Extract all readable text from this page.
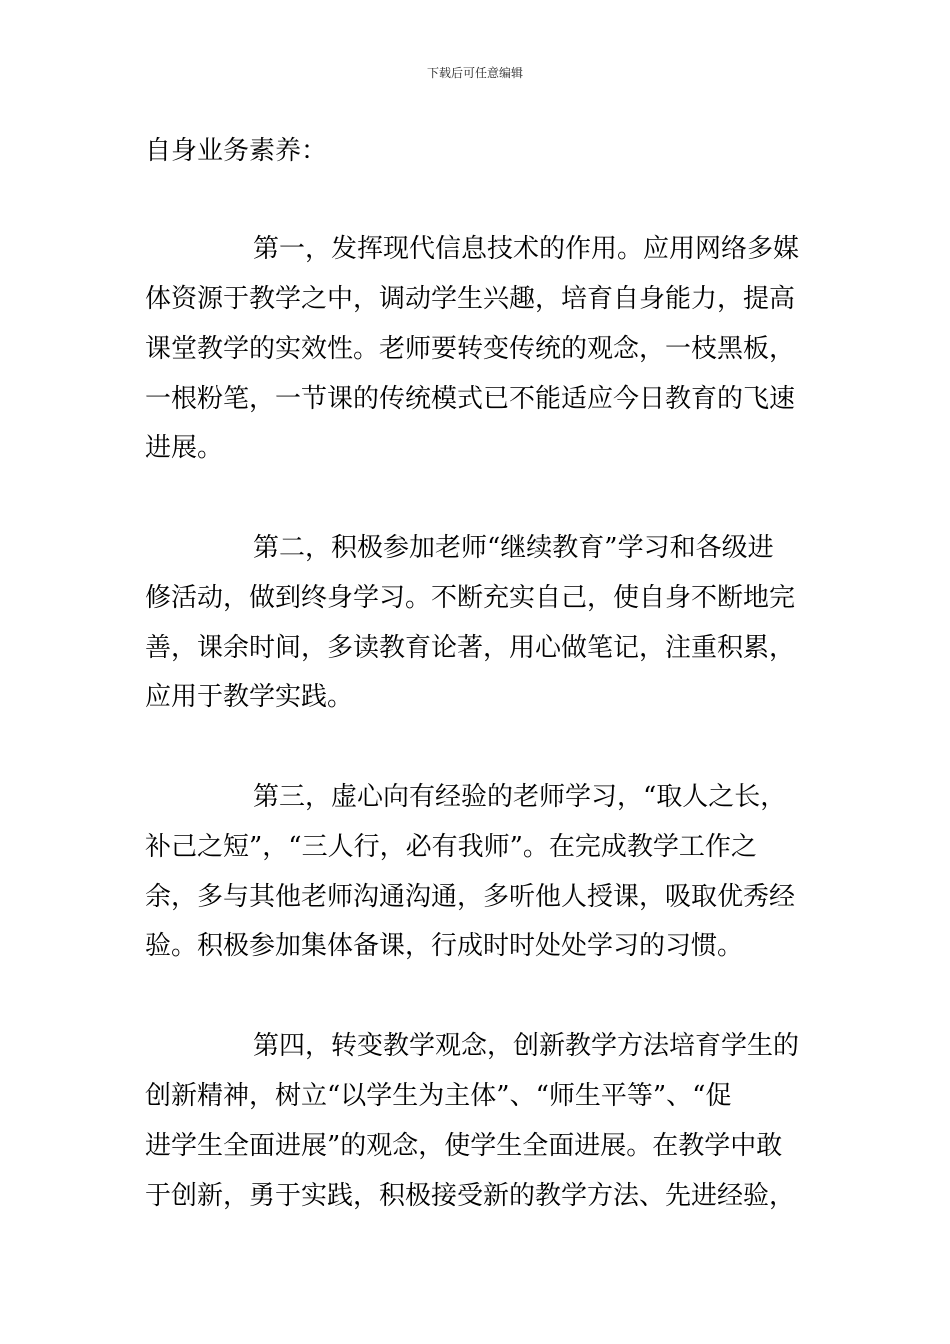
下载后可任意编辑
自身业务素养：
第一，发挥现代信息技术的作用。应用网络多媒
体资源于教学之中，调动学生兴趣，培育自身能力，提高
课堂教学的实效性。老师要转变传统的观念，一枝黑板，
一根粉笔，一节课的传统模式已不能适应今日教育的飞速
进展。
第二，积极参加老师“继续教育”学习和各级进
修活动，做到终身学习。不断充实自己，使自身不断地完
善，课余时间，多读教育论著，用心做笔记，注重积累，
应用于教学实践。
第三，虚心向有经验的老师学习，“取人之长，
补己之短”，“三人行，必有我师”。在完成教学工作之
余，多与其他老师沟通沟通，多听他人授课，吸取优秀经
验。积极参加集体备课，行成时时处处学习的习惯。
第四，转变教学观念，创新教学方法培育学生的
创新精神，树立“以学生为主体”、“师生平等”、“促
进学生全面进展”的观念，使学生全面进展。在教学中敢
于创新，勇于实践，积极接受新的教学方法、先进经验，
